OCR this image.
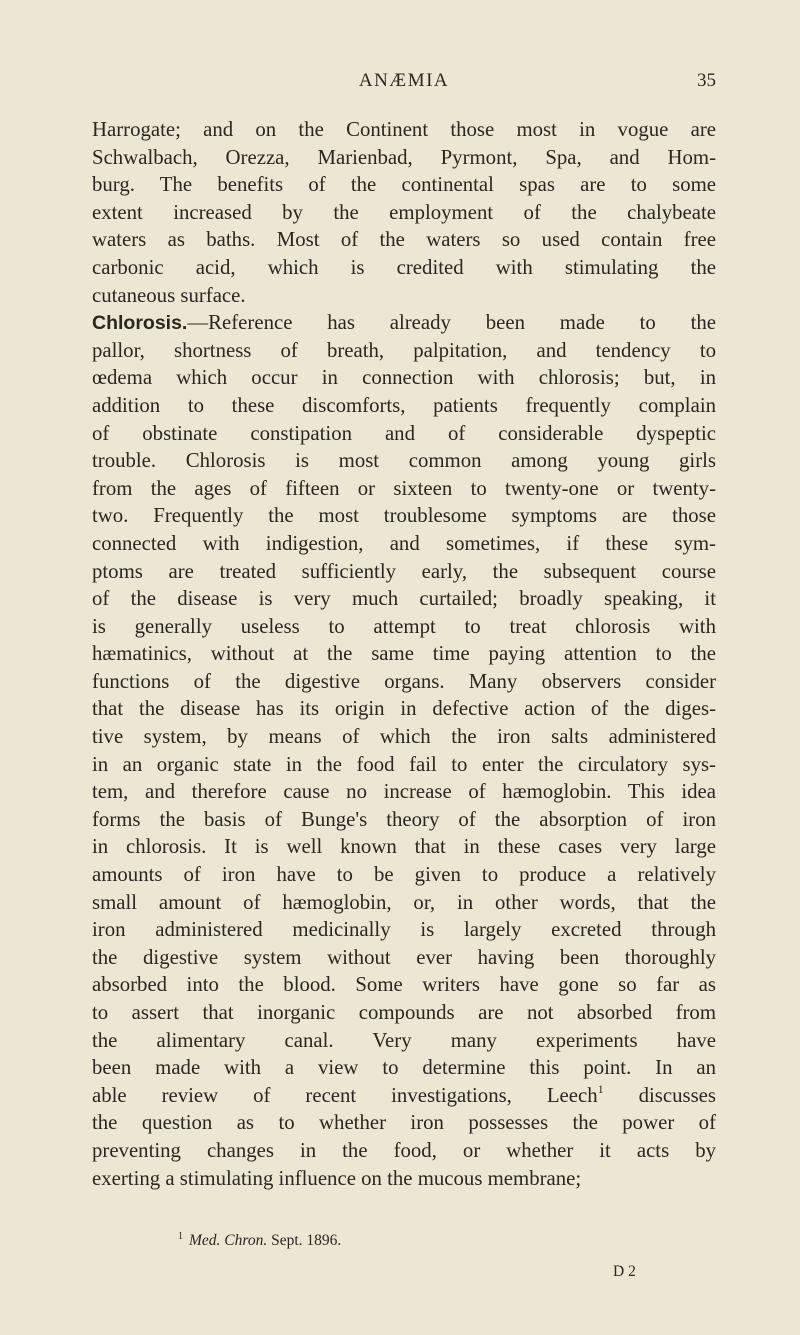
ANÆMIA	35
Harrogate; and on the Continent those most in vogue are
Schwalbach, Orezza, Marienbad, Pyrmont, Spa, and Hom-
burg. The benefits of the continental spas are to some
extent increased by the employment of the chalybeate
waters as baths. Most of the waters so used contain free
carbonic acid, which is credited with stimulating the
cutaneous surface.
Chlorosis.—Reference has already been made to the
pallor, shortness of breath, palpitation, and tendency to
œdema which occur in connection with chlorosis; but, in
addition to these discomforts, patients frequently complain
of obstinate constipation and of considerable dyspeptic
trouble. Chlorosis is most common among young girls
from the ages of fifteen or sixteen to twenty-one or twenty-
two. Frequently the most troublesome symptoms are those
connected with indigestion, and sometimes, if these sym-
ptoms are treated sufficiently early, the subsequent course
of the disease is very much curtailed; broadly speaking, it
is generally useless to attempt to treat chlorosis with
hæmatinics, without at the same time paying attention to the
functions of the digestive organs. Many observers consider
that the disease has its origin in defective action of the diges-
tive system, by means of which the iron salts administered
in an organic state in the food fail to enter the circulatory sys-
tem, and therefore cause no increase of hæmoglobin. This idea
forms the basis of Bunge's theory of the absorption of iron
in chlorosis. It is well known that in these cases very large
amounts of iron have to be given to produce a relatively
small amount of hæmoglobin, or, in other words, that the
iron administered medicinally is largely excreted through
the digestive system without ever having been thoroughly
absorbed into the blood. Some writers have gone so far as
to assert that inorganic compounds are not absorbed from
the alimentary canal. Very many experiments have
been made with a view to determine this point. In an
able review of recent investigations, Leech$^1$ discusses
the question as to whether iron possesses the power of
preventing changes in the food, or whether it acts by
exerting a stimulating influence on the mucous membrane;
$^1$ Med. Chron. Sept. 1896.
D 2
